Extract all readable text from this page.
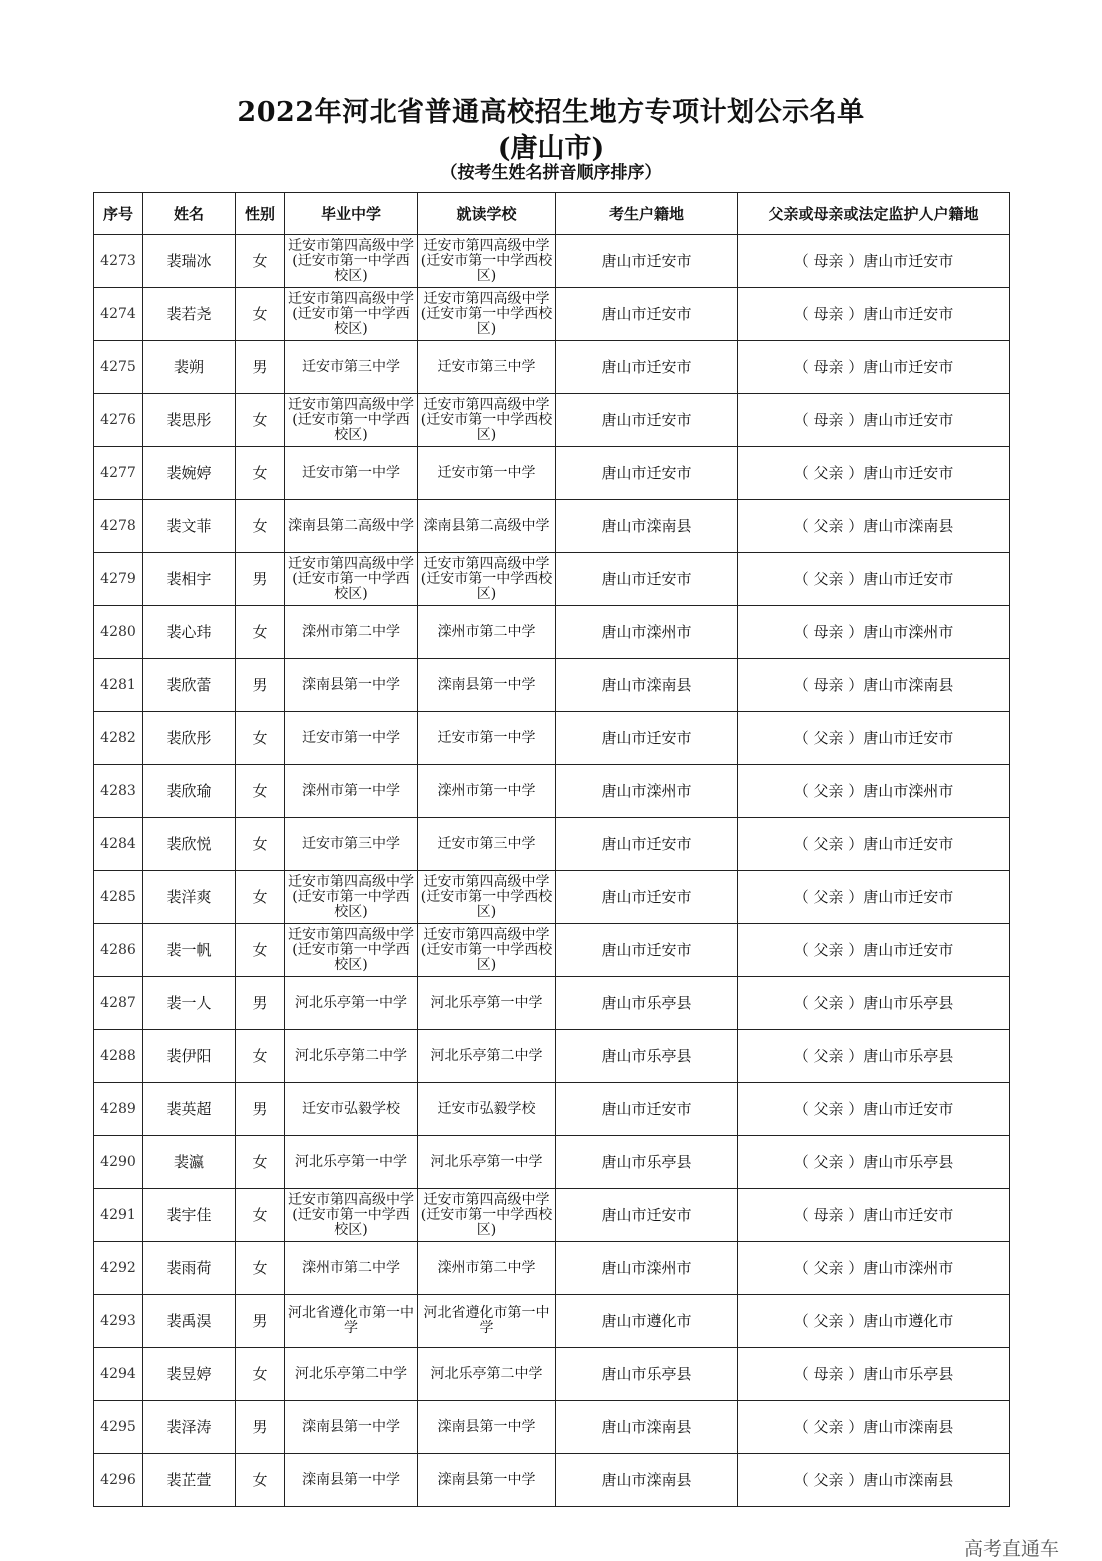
2022年河北省普通高校招生地方专项计划公示名单
(唐山市)
（按考生姓名拼音顺序排序）
序号	姓名	性别	毕业中学	就读学校	考生户籍地	父亲或母亲或法定监护人户籍地
4273	裴瑞冰	女	迁安市第四高级中学(迁安市第一中学西校区)	迁安市第四高级中学(迁安市第一中学西校区)	唐山市迁安市	（ 母亲 ）唐山市迁安市
4274	裴若尧	女	迁安市第四高级中学(迁安市第一中学西校区)	迁安市第四高级中学(迁安市第一中学西校区)	唐山市迁安市	（ 母亲 ）唐山市迁安市
4275	裴朔	男	迁安市第三中学	迁安市第三中学	唐山市迁安市	（ 母亲 ）唐山市迁安市
4276	裴思彤	女	迁安市第四高级中学(迁安市第一中学西校区)	迁安市第四高级中学(迁安市第一中学西校区)	唐山市迁安市	（ 母亲 ）唐山市迁安市
4277	裴婉婷	女	迁安市第一中学	迁安市第一中学	唐山市迁安市	（ 父亲 ）唐山市迁安市
4278	裴文菲	女	滦南县第二高级中学	滦南县第二高级中学	唐山市滦南县	（ 父亲 ）唐山市滦南县
4279	裴相宇	男	迁安市第四高级中学(迁安市第一中学西校区)	迁安市第四高级中学(迁安市第一中学西校区)	唐山市迁安市	（ 父亲 ）唐山市迁安市
4280	裴心玮	女	滦州市第二中学	滦州市第二中学	唐山市滦州市	（ 母亲 ）唐山市滦州市
4281	裴欣蕾	男	滦南县第一中学	滦南县第一中学	唐山市滦南县	（ 母亲 ）唐山市滦南县
4282	裴欣彤	女	迁安市第一中学	迁安市第一中学	唐山市迁安市	（ 父亲 ）唐山市迁安市
4283	裴欣瑜	女	滦州市第一中学	滦州市第一中学	唐山市滦州市	（ 父亲 ）唐山市滦州市
4284	裴欣悦	女	迁安市第三中学	迁安市第三中学	唐山市迁安市	（ 父亲 ）唐山市迁安市
4285	裴洋爽	女	迁安市第四高级中学(迁安市第一中学西校区)	迁安市第四高级中学(迁安市第一中学西校区)	唐山市迁安市	（ 父亲 ）唐山市迁安市
4286	裴一帆	女	迁安市第四高级中学(迁安市第一中学西校区)	迁安市第四高级中学(迁安市第一中学西校区)	唐山市迁安市	（ 父亲 ）唐山市迁安市
4287	裴一人	男	河北乐亭第一中学	河北乐亭第一中学	唐山市乐亭县	（ 父亲 ）唐山市乐亭县
4288	裴伊阳	女	河北乐亭第二中学	河北乐亭第二中学	唐山市乐亭县	（ 父亲 ）唐山市乐亭县
4289	裴英超	男	迁安市弘毅学校	迁安市弘毅学校	唐山市迁安市	（ 父亲 ）唐山市迁安市
4290	裴瀛	女	河北乐亭第一中学	河北乐亭第一中学	唐山市乐亭县	（ 父亲 ）唐山市乐亭县
4291	裴宇佳	女	迁安市第四高级中学(迁安市第一中学西校区)	迁安市第四高级中学(迁安市第一中学西校区)	唐山市迁安市	（ 母亲 ）唐山市迁安市
4292	裴雨荷	女	滦州市第二中学	滦州市第二中学	唐山市滦州市	（ 父亲 ）唐山市滦州市
4293	裴禹淏	男	河北省遵化市第一中学	河北省遵化市第一中学	唐山市遵化市	（ 父亲 ）唐山市遵化市
4294	裴昱婷	女	河北乐亭第二中学	河北乐亭第二中学	唐山市乐亭县	（ 母亲 ）唐山市乐亭县
4295	裴泽涛	男	滦南县第一中学	滦南县第一中学	唐山市滦南县	（ 父亲 ）唐山市滦南县
4296	裴芷萱	女	滦南县第一中学	滦南县第一中学	唐山市滦南县	（ 父亲 ）唐山市滦南县
高考直通车
